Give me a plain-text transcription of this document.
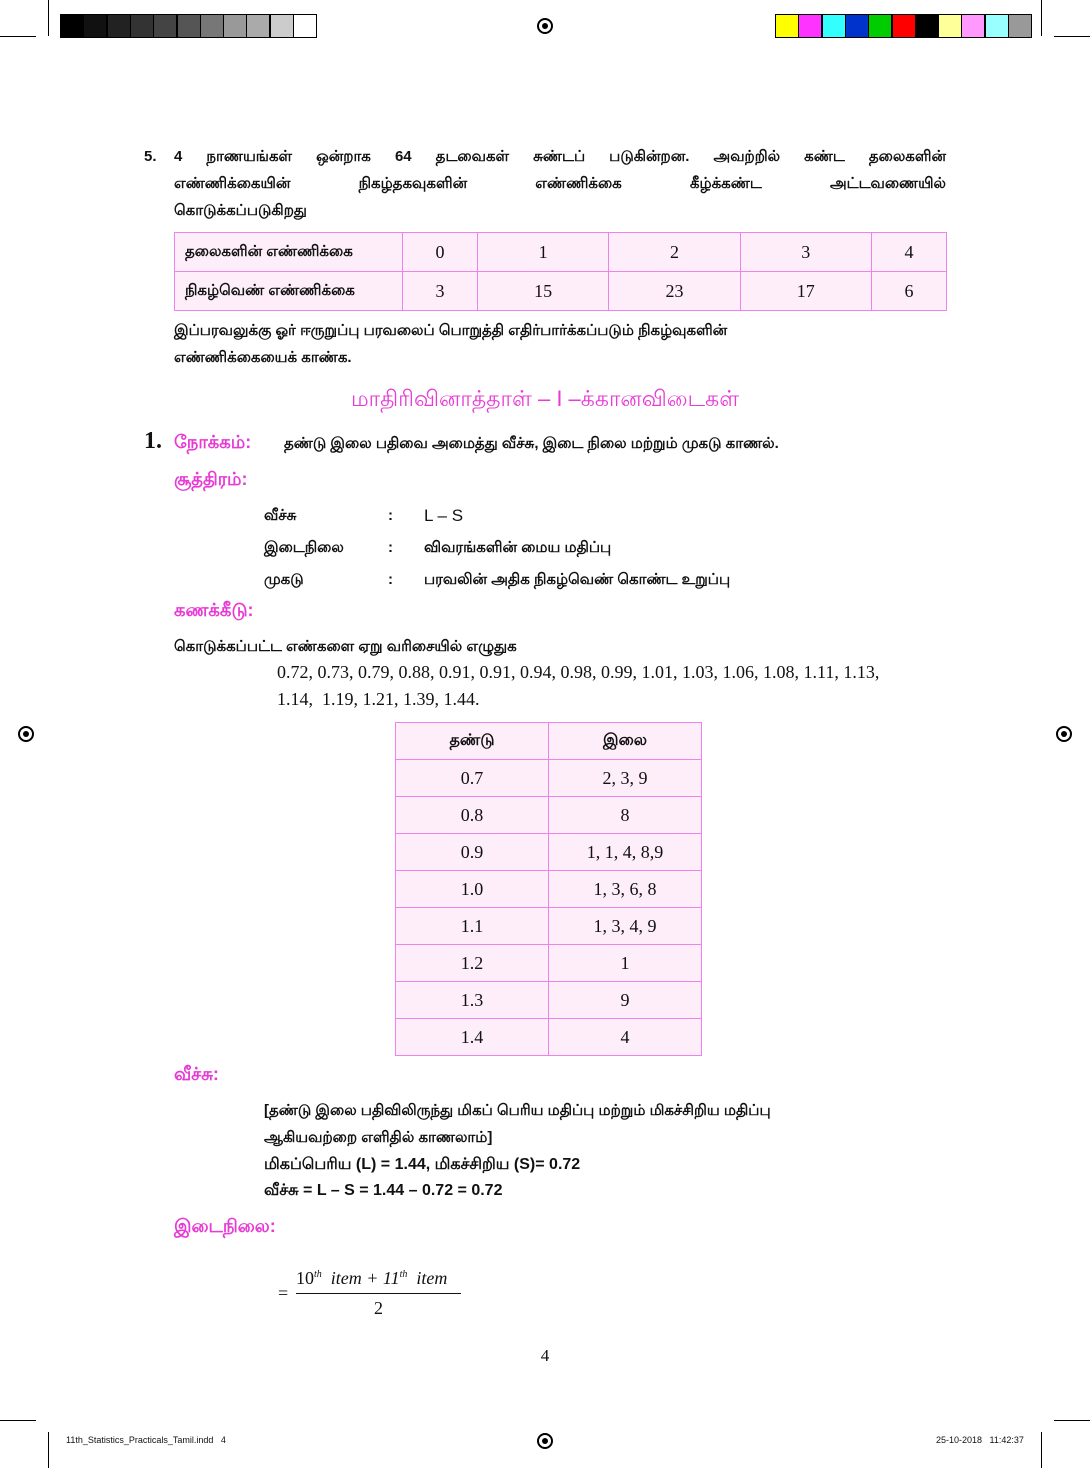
5. 4 நாணயங்கள் ஒன்றாக 64 தடவைகள் சுண்டப் படுகின்றன. அவற்றில் கண்ட தலைகளின்
எண்ணிக்கையின் நிகழ்தகவுகளின் எண்ணிக்கை கீழ்க்கண்ட அட்டவணையில்
கொடுக்கப்படுகிறது
தலைகளின் எண்ணிக்கை	0	1	2	3	4
நிகழ்வெண் எண்ணிக்கை	3	15	23	17	6
இப்பரவலுக்கு ஓர் ஈருறுப்பு பரவலைப் பொறுத்தி எதிர்பார்க்கப்படும் நிகழ்வுகளின்
எண்ணிக்கையைக் காண்க.
மாதிரிவினாத்தாள் – I –க்கானவிடைகள்
1. நோக்கம்: தண்டு இலை பதிவை அமைத்து வீச்சு, இடை நிலை மற்றும் முகடு காணல்.
சூத்திரம்:
வீச்சு	: L – S
இடைநிலை	: விவரங்களின் மைய மதிப்பு
முகடு	: பரவலின் அதிக நிகழ்வெண் கொண்ட உறுப்பு
கணக்கீடு:
கொடுக்கப்பட்ட எண்களை ஏறு வரிசையில் எழுதுக
0.72, 0.73, 0.79, 0.88, 0.91, 0.91, 0.94, 0.98, 0.99, 1.01, 1.03, 1.06, 1.08, 1.11, 1.13,
1.14,  1.19, 1.21, 1.39, 1.44.
தண்டு	இலை
0.7	2, 3, 9
0.8	8
0.9	1, 1, 4, 8,9
1.0	1, 3, 6, 8
1.1	1, 3, 4, 9
1.2	1
1.3	9
1.4	4
வீச்சு:
[தண்டு இலை பதிவிலிருந்து மிகப் பெரிய மதிப்பு மற்றும் மிகச்சிறிய மதிப்பு
ஆகியவற்றை எளிதில் காணலாம்]
மிகப்பெரிய (L) = 1.44, மிகச்சிறிய (S)= 0.72
வீச்சு = L – S = 1.44 – 0.72 = 0.72
இடைநிலை:
=
10th item + 11th item
2
4
11th_Statistics_Practicals_Tamil.indd   4	25-10-2018   11:42:37
